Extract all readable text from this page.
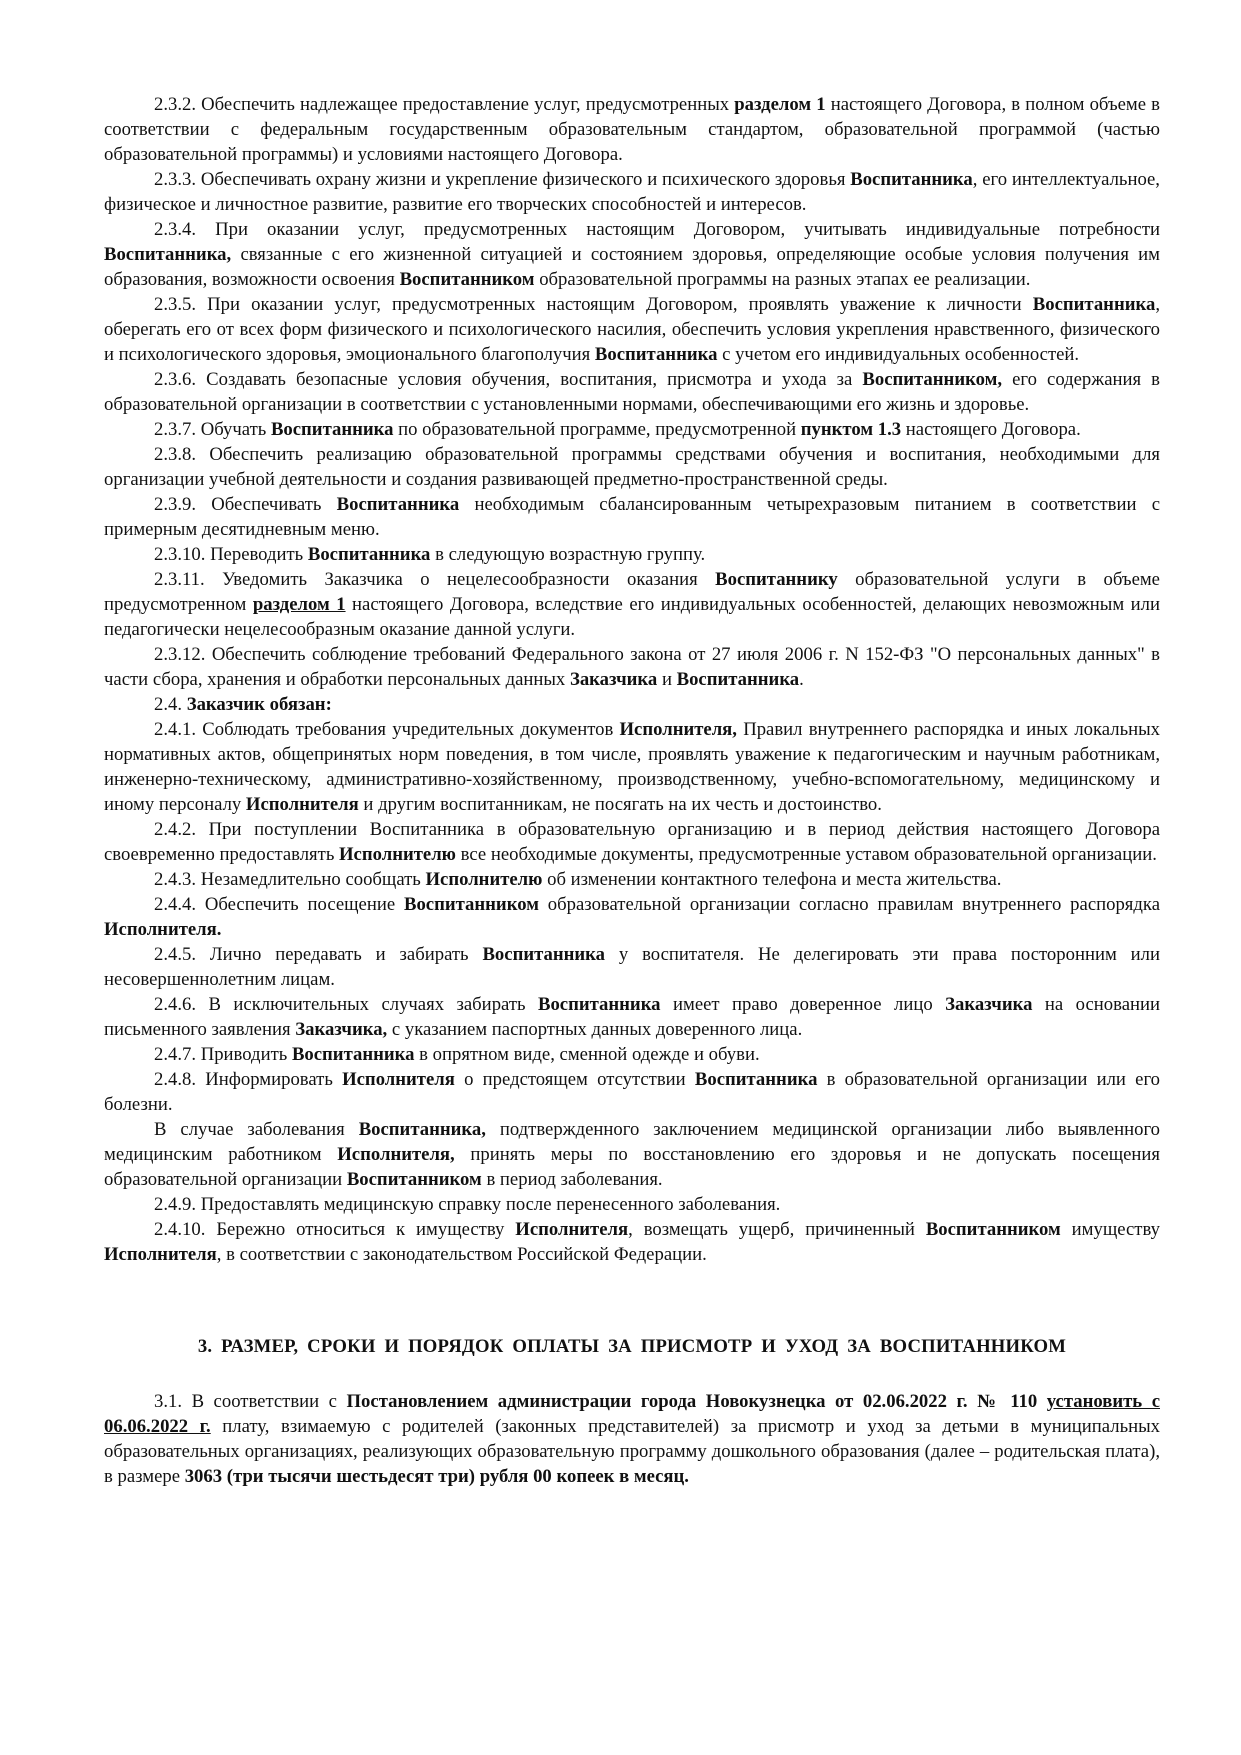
2.3.2. Обеспечить надлежащее предоставление услуг, предусмотренных разделом 1 настоящего Договора, в полном объеме в соответствии с федеральным государственным образовательным стандартом, образовательной программой (частью образовательной программы) и условиями настоящего Договора.

2.3.3. Обеспечивать охрану жизни и укрепление физического и психического здоровья Воспитанника, его интеллектуальное, физическое и личностное развитие, развитие его творческих способностей и интересов.

2.3.4. При оказании услуг, предусмотренных настоящим Договором, учитывать индивидуальные потребности Воспитанника, связанные с его жизненной ситуацией и состоянием здоровья, определяющие особые условия получения им образования, возможности освоения Воспитанником образовательной программы на разных этапах ее реализации.

2.3.5. При оказании услуг, предусмотренных настоящим Договором, проявлять уважение к личности Воспитанника, оберегать его от всех форм физического и психологического насилия, обеспечить условия укрепления нравственного, физического и психологического здоровья, эмоционального благополучия Воспитанника с учетом его индивидуальных особенностей.

2.3.6. Создавать безопасные условия обучения, воспитания, присмотра и ухода за Воспитанником, его содержания в образовательной организации в соответствии с установленными нормами, обеспечивающими его жизнь и здоровье.

2.3.7. Обучать Воспитанника по образовательной программе, предусмотренной пунктом 1.3 настоящего Договора.

2.3.8. Обеспечить реализацию образовательной программы средствами обучения и воспитания, необходимыми для организации учебной деятельности и создания развивающей предметно-пространственной среды.

2.3.9. Обеспечивать Воспитанника необходимым сбалансированным четырехразовым питанием в соответствии с примерным десятидневным меню.

2.3.10. Переводить Воспитанника в следующую возрастную группу.

2.3.11. Уведомить Заказчика о нецелесообразности оказания Воспитаннику образовательной услуги в объеме предусмотренном разделом 1 настоящего Договора, вследствие его индивидуальных особенностей, делающих невозможным или педагогически нецелесообразным оказание данной услуги.

2.3.12. Обеспечить соблюдение требований Федерального закона от 27 июля 2006 г. N 152-ФЗ "О персональных данных" в части сбора, хранения и обработки персональных данных Заказчика и Воспитанника.

2.4. Заказчик обязан:

2.4.1. Соблюдать требования учредительных документов Исполнителя, Правил внутреннего распорядка и иных локальных нормативных актов, общепринятых норм поведения, в том числе, проявлять уважение к педагогическим и научным работникам, инженерно-техническому, административно-хозяйственному, производственному, учебно-вспомогательному, медицинскому и иному персоналу Исполнителя и другим воспитанникам, не посягать на их честь и достоинство.

2.4.2. При поступлении Воспитанника в образовательную организацию и в период действия настоящего Договора своевременно предоставлять Исполнителю все необходимые документы, предусмотренные уставом образовательной организации.

2.4.3. Незамедлительно сообщать Исполнителю об изменении контактного телефона и места жительства.

2.4.4. Обеспечить посещение Воспитанником образовательной организации согласно правилам внутреннего распорядка Исполнителя.

2.4.5. Лично передавать и забирать Воспитанника у воспитателя. Не делегировать эти права посторонним или несовершеннолетним лицам.

2.4.6. В исключительных случаях забирать Воспитанника имеет право доверенное лицо Заказчика на основании письменного заявления Заказчика, с указанием паспортных данных доверенного лица.

2.4.7. Приводить Воспитанника в опрятном виде, сменной одежде и обуви.

2.4.8. Информировать Исполнителя о предстоящем отсутствии Воспитанника в образовательной организации или его болезни.

В случае заболевания Воспитанника, подтвержденного заключением медицинской организации либо выявленного медицинским работником Исполнителя, принять меры по восстановлению его здоровья и не допускать посещения образовательной организации Воспитанником в период заболевания.

2.4.9. Предоставлять медицинскую справку после перенесенного заболевания.

2.4.10. Бережно относиться к имуществу Исполнителя, возмещать ущерб, причиненный Воспитанником имуществу Исполнителя, в соответствии с законодательством Российской Федерации.

3. РАЗМЕР, СРОКИ И ПОРЯДОК ОПЛАТЫ ЗА ПРИСМОТР И УХОД ЗА ВОСПИТАННИКОМ

3.1. В соответствии с Постановлением администрации города Новокузнецка от 02.06.2022 г. № 110 установить с 06.06.2022 г. плату, взимаемую с родителей (законных представителей) за присмотр и уход за детьми в муниципальных образовательных организациях, реализующих образовательную программу дошкольного образования (далее – родительская плата), в размере 3063 (три тысячи шестьдесят три) рубля 00 копеек в месяц.
